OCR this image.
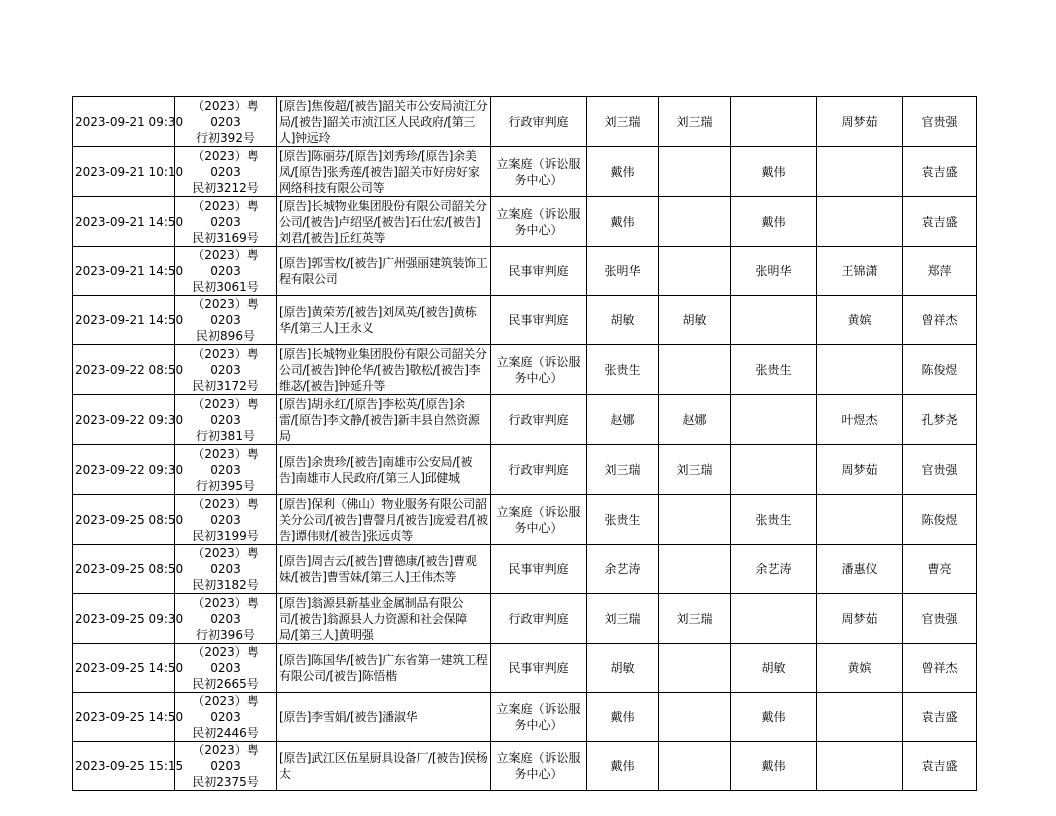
2023-09-21 09:30	（2023）粤0203
行初392号	[原告]焦俊超/[被告]韶关市公安局浈江分局/[被告]韶关市浈江区人民政府/[第三人]钟远玲	行政审判庭	刘三瑞	刘三瑞		周梦茹	官贵强

2023-09-21 10:10	（2023）粤0203
民初3212号	[原告]陈丽芬/[原告]刘秀珍/[原告]余美凤/[原告]张秀莲/[被告]韶关市好房好家网络科技有限公司等	立案庭（诉讼服务中心）	戴伟		戴伟		袁吉盛

2023-09-21 14:50	（2023）粤0203
民初3169号	[原告]长城物业集团股份有限公司韶关分公司/[被告]卢绍坚/[被告]石仕宏/[被告]刘君/[被告]丘红英等	立案庭（诉讼服务中心）	戴伟		戴伟		袁吉盛

2023-09-21 14:50	（2023）粤0203
民初3061号	[原告]郭雪枚/[被告]广州强丽建筑装饰工程有限公司	民事审判庭	张明华		张明华	王锦潇	郑萍

2023-09-21 14:50	（2023）粤0203
民初896号	[原告]黄荣芳/[被告]刘凤英/[被告]黄栋华/[第三人]王永义	民事审判庭	胡敏	胡敏		黄嫔	曾祥杰

2023-09-22 08:50	（2023）粤0203
民初3172号	[原告]长城物业集团股份有限公司韶关分公司/[被告]钟伦华/[被告]敬松/[被告]李维苾/[被告]钟延升等	立案庭（诉讼服务中心）	张贵生		张贵生		陈俊煜

2023-09-22 09:30	（2023）粤0203
行初381号	[原告]胡永红/[原告]李松英/[原告]余雷/[原告]李文静/[被告]新丰县自然资源局	行政审判庭	赵娜	赵娜		叶煜杰	孔梦尧

2023-09-22 09:30	（2023）粤0203
行初395号	[原告]余贵珍/[被告]南雄市公安局/[被告]南雄市人民政府/[第三人]邱健城	行政审判庭	刘三瑞	刘三瑞		周梦茹	官贵强

2023-09-25 08:50	（2023）粤0203
民初3199号	[原告]保利（佛山）物业服务有限公司韶关分公司/[被告]曹謦月/[被告]庞爱君/[被告]谭伟财/[被告]张远贞等	立案庭（诉讼服务中心）	张贵生		张贵生		陈俊煜

2023-09-25 08:50	（2023）粤0203
民初3182号	[原告]周吉云/[被告]曹德康/[被告]曹观妹/[被告]曹雪妹/[第三人]王伟杰等	民事审判庭	余艺涛		余艺涛	潘惠仪	曹亮

2023-09-25 09:30	（2023）粤0203
行初396号	[原告]翁源县新基业金属制品有限公司/[被告]翁源县人力资源和社会保障局/[第三人]黄明强	行政审判庭	刘三瑞	刘三瑞		周梦茹	官贵强

2023-09-25 14:50	（2023）粤0203
民初2665号	[原告]陈国华/[被告]广东省第一建筑工程有限公司/[被告]陈悟楷	民事审判庭	胡敏		胡敏	黄嫔	曾祥杰

2023-09-25 14:50	（2023）粤0203
民初2446号	[原告]李雪娟/[被告]潘淑华	立案庭（诉讼服务中心）	戴伟		戴伟		袁吉盛

2023-09-25 15:15	（2023）粤0203
民初2375号	[原告]武江区伍星厨具设备厂/[被告]侯杨太	立案庭（诉讼服务中心）	戴伟		戴伟		袁吉盛
